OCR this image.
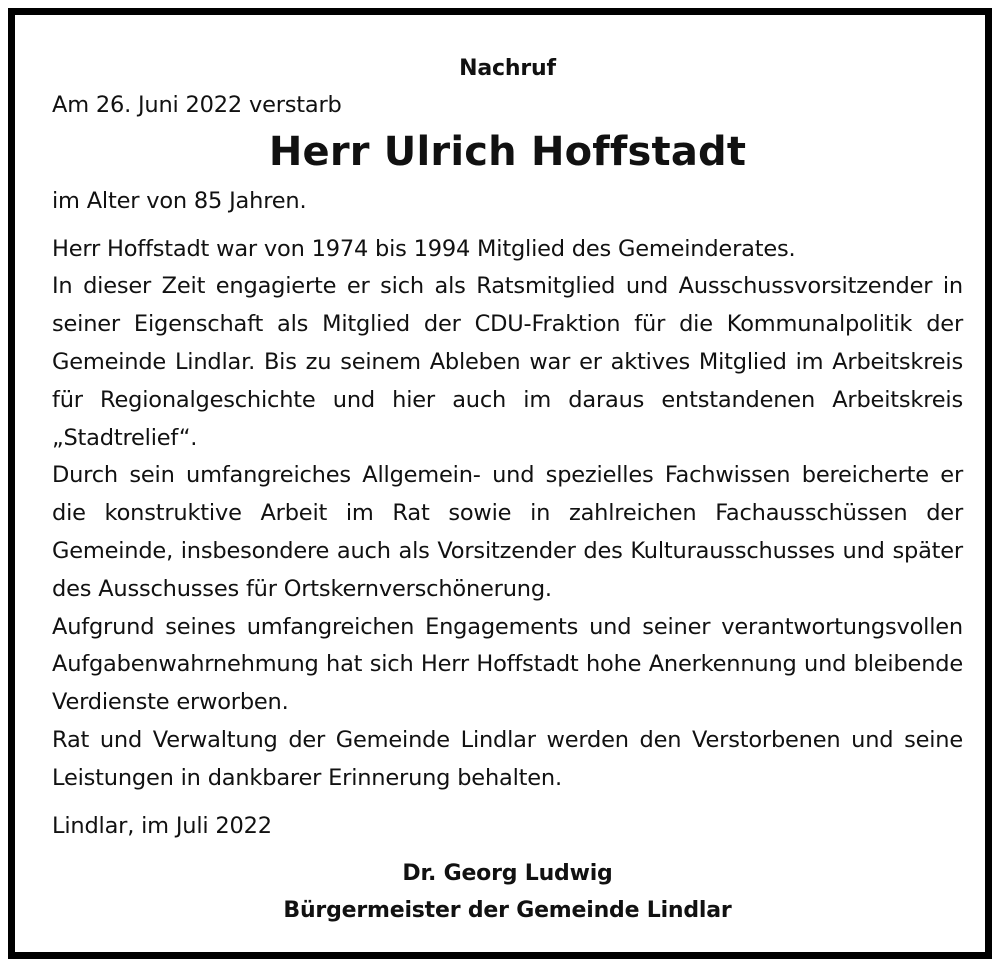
Nachruf
Am 26. Juni 2022 verstarb
Herr Ulrich Hoffstadt
im Alter von 85 Jahren.

Herr Hoffstadt war von 1974 bis 1994 Mitglied des Gemeinderates.

In dieser Zeit engagierte er sich als Ratsmitglied und Ausschussvorsitzender in seiner Eigenschaft als Mitglied der CDU-Fraktion für die Kommunalpolitik der Gemeinde Lindlar. Bis zu seinem Ableben war er aktives Mitglied im Arbeitskreis für Regionalgeschichte und hier auch im daraus entstandenen Arbeitskreis „Stadtrelief“.

Durch sein umfangreiches Allgemein- und spezielles Fachwissen bereicherte er die konstruktive Arbeit im Rat sowie in zahlreichen Fachausschüssen der Gemeinde, insbesondere auch als Vorsitzender des Kulturausschusses und später des Ausschusses für Ortskernverschönerung.

Aufgrund seines umfangreichen Engagements und seiner verantwortungsvollen Aufgabenwahrnehmung hat sich Herr Hoffstadt hohe Anerkennung und bleibende Verdienste erworben.

Rat und Verwaltung der Gemeinde Lindlar werden den Verstorbenen und seine Leistungen in dankbarer Erinnerung behalten.

Lindlar, im Juli 2022
Dr. Georg Ludwig
Bürgermeister der Gemeinde Lindlar
